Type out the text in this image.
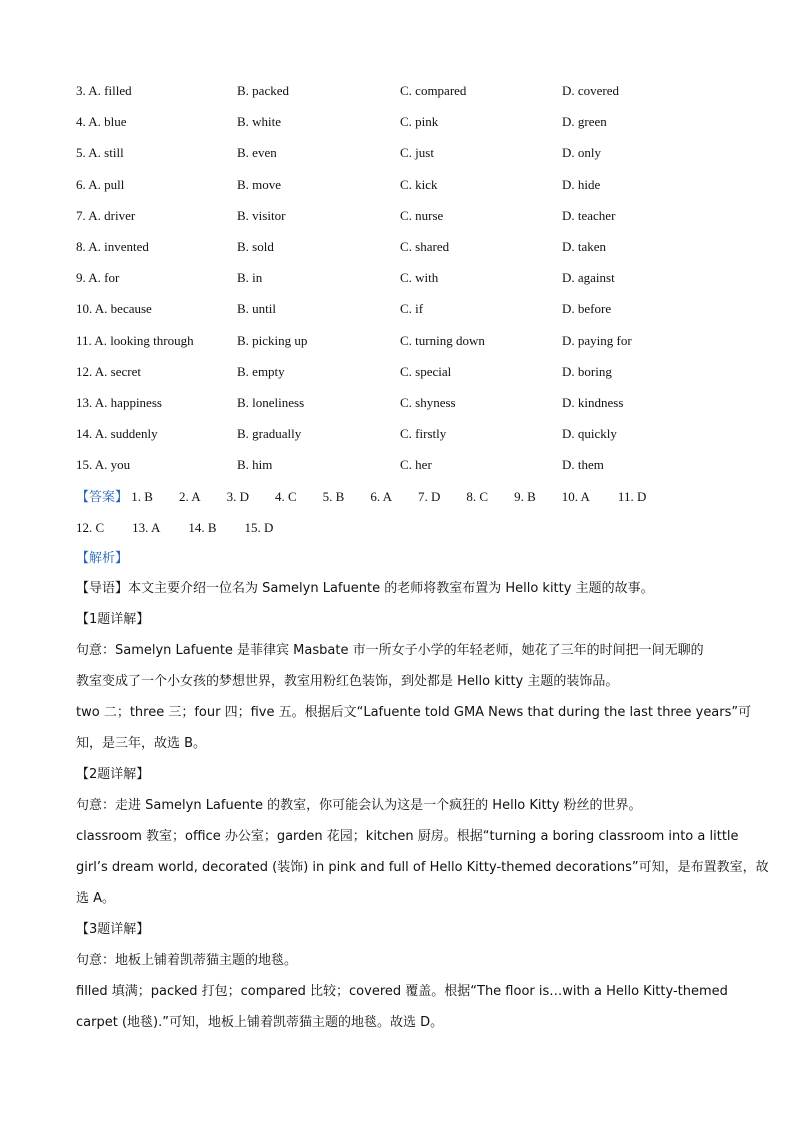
3. A. filled	B. packed	C. compared	D. covered
4. A. blue	B. white	C. pink	D. green
5. A. still	B. even	C. just	D. only
6. A. pull	B. move	C. kick	D. hide
7. A. driver	B. visitor	C. nurse	D. teacher
8. A. invented	B. sold	C. shared	D. taken
9. A. for	B. in	C. with	D. against
10. A. because	B. until	C. if	D. before
11. A. looking through	B. picking up	C. turning down	D. paying for
12. A. secret	B. empty	C. special	D. boring
13. A. happiness	B. loneliness	C. shyness	D. kindness
14. A. suddenly	B. gradually	C. firstly	D. quickly
15. A. you	B. him	C. her	D. them
【答案】 1. B 2. A 3. D 4. C 5. B 6. A 7. D 8. C 9. B 10. A 11. D
12. C 13. A 14. B 15. D
【解析】
【导语】本文主要介绍一位名为 Samelyn Lafuente 的老师将教室布置为 Hello kitty 主题的故事。
【1题详解】
句意：Samelyn Lafuente 是菲律宾 Masbate 市一所女子小学的年轻老师，她花了三年的时间把一间无聊的
教室变成了一个小女孩的梦想世界，教室用粉红色装饰，到处都是 Hello kitty 主题的装饰品。
two 二；three 三；four 四；five 五。根据后文“Lafuente told GMA News that during the last three years”可
知，是三年，故选 B。
【2题详解】
句意：走进 Samelyn Lafuente 的教室，你可能会认为这是一个疯狂的 Hello Kitty 粉丝的世界。
classroom 教室；office 办公室；garden 花园；kitchen 厨房。根据“turning a boring classroom into a little
girl’s dream world, decorated (装饰) in pink and full of Hello Kitty-themed decorations”可知，是布置教室，故
选 A。
【3题详解】
句意：地板上铺着凯蒂猫主题的地毯。
filled 填满；packed 打包；compared 比较；covered 覆盖。根据“The floor is…with a Hello Kitty-themed
carpet (地毯).”可知，地板上铺着凯蒂猫主题的地毯。故选 D。
